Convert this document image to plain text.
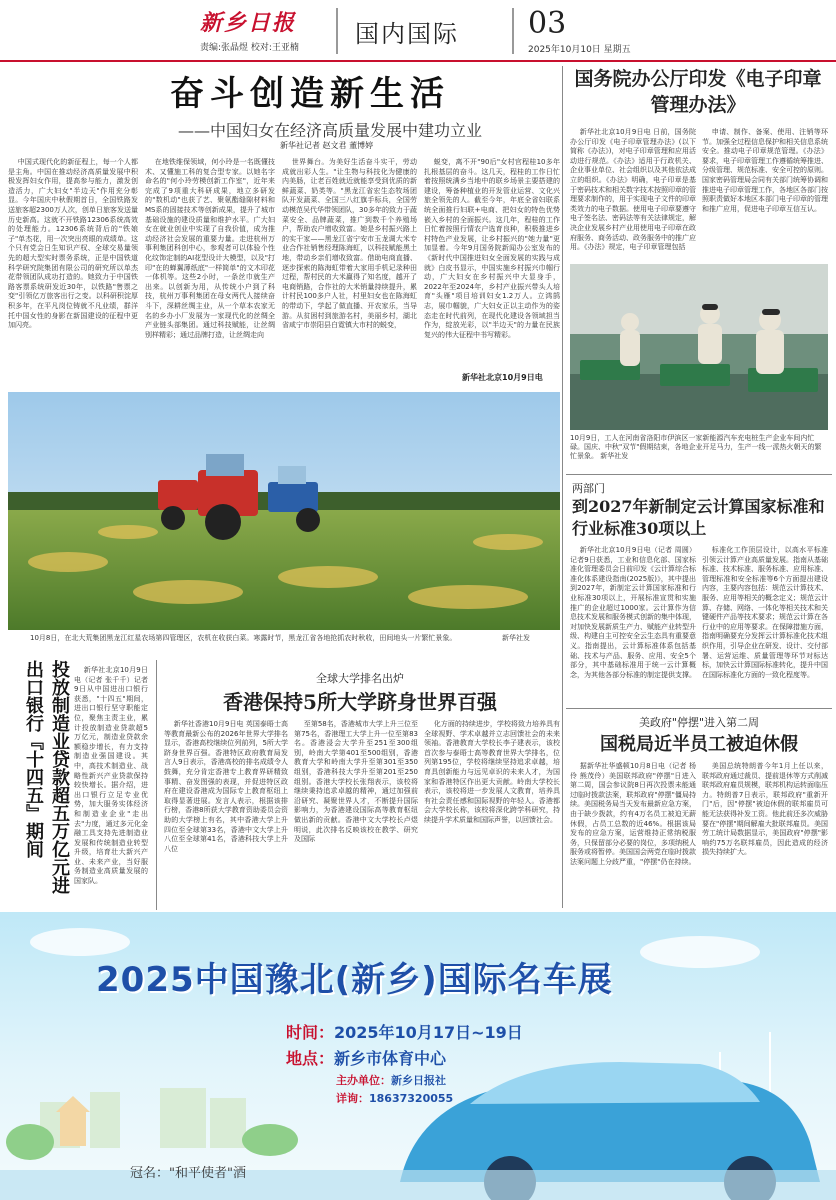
新乡日报
责编:张晶煜 校对:王亚楠 国内国际 03
2025年10月10日 星期五
奋斗创造新生活
——中国妇女在经济高质量发展中建功立业
新华社记者 赵文君 董博婷

中国式现代化的新征程上，每一个人都是主角。中国在推动经济高质量发展中积极发挥妇女作用，提高参与能力，激发创造活力，广大妇女"半边天"作用充分彰显。今年国庆中秋假期首日，全国铁路发送旅客超2300万人次，创单日旅客发送量历史新高。这就不开铁路12306系统高效的处理能力。12306系统背后的"铁娘子"单杰花，用一次突出亮眼的成绩单。这个只有党会日生知识产权、全球交易量领先的超大型实时票务系统，正是中国铁道科学研究院集团有限公司的研究所以单杰花带领团队成功打造的。她致力于中国铁路客票系统研发近30年，以铁路"售票之变"引领亿万旅客出行之变。以科研积淀厚积多年，在平凡岗位铸就不凡业绩，群洋托中国女性的身影在新国建设的征程中更加闪亮。

在地铁维保领域，何小玲是一名既懂技术、又懂施工科的复合型专家。以她名字命名的"何小玲劳模创新工作室"，近年来完成了9项重大科研成果，地立多研发的"数机动"也获了艺、聚氨酯缝隙材料和MS系的固接技术等创新成果，提升了城市基础设施的建设质量和维护水平。广大妇女在就业创业中实现了自我价值，成为推动经济社会发展的重要力量。走进杭州万事利集团科创中心，参观者可以体验个性化纹饰定制的AI花型设计大模型，以及"打印"在的蝉翼薄纸底"一样简单"的文木印花一体机等。这些2小时，一条丝巾就生产出来。以创新为用，从传统小户到了科技，杭州万事利集团在母女两代人接续奋斗下，深耕丝绸主业，从一个草本农家无名的乡办小厂发展为一家现代化的丝绸全产业链头部集团。通过科技赋能，让丝绸别样精彩；通过品牌打造，让丝绸走向

世界舞台。为美好生活奋斗实干，劳动成就出彩人生。"让生物与科技化为健康的内美肠，让老百姓就近就能享受到优质的新鲜蔬菜、奶类等。"黑龙江省宏生态牧场团队开发蔬菜、全国三八红旗手标兵，全国劳动模范吴代华带领团队，30多年的致力于蔬菜安全、品牌蔬菜，推广到数千个养殖场户，帮助农户增收致富。她是乡村振兴路上的实干家——黑龙江省宁安市玉龙调大米专业合作社销售经理陈海虹，以科技赋能黑土地，带动乡亲们增收致富。借助电商直播、逐步探索的陈海虹带着大家用手机记录种田过程，帮村民的大米赢得了知名度，越开了电商销路，合作社的大米销量持续提升，累计村民100多户人社，村里妇女也在陈海虹的带动下，学起了做直播、开农家乐，当导游。从贫困村到旅游名村，美丽乡村，湖北省咸宁市崇阳县白霓镇大市村的蜕变，

蜕变，离不开"90后"女村官程桂10多年扎根基层的奋斗。这几天，程桂的工作日忙着按照统满乡当地中的联乡场景主要搭建的建设，筹备种植业的开发管业运营、文化兴旅全领先的人。截至今年，年底全省妇联系统全面推行妇联+电商、把妇女的特色优势嵌入乡村的全面振兴。这几年，程桂的工作日忙着按照行情农户选育良种，积极推进乡村特色产业发展，让乡村振兴的"她力量"更加显着。今年9月国务院新闻办公室发布的《新时代中国推进妇女全面发展的实践与成就》白皮书显示，中国实施乡村振兴巾帼行动，广大妇女在乡村振兴中大显身手，2022年至2024年，乡村产业振兴带头人培育"头雁"项目培训妇女1.2万人。立鸿鹄志，展巾帼貌，广大妇女正以主动作为的姿态走在时代前列，在现代化建设各领域担当作为，绽放光彩，以"半边天"的力量在民族复兴的伟大征程中书写精彩。

新华社北京10月9日电
10月8日，在北大荒集团黑龙江红星农场第四管理区，农机在收获白菜。寒露时节，黑龙江省各地抢抓农时秋收，田间地头一片繁忙景象。	新华社发
投放制造业贷款超五万亿元进出口银行『十四五』期间	新华社北京10月9日电（记者 张千千）记者9日从中国进出口银行获悉，"十四五"期间，进出口银行坚守职能定位，聚焦主责主业，累计投放制造业贷款超5万亿元，制造业贷款余额稳步增长，有力支持制造业强国建设。其中，高技术制造业、战略性新兴产业贷款保持较快增长。据介绍，进出口银行立足专业优势，加大服务实体经济和制造业企业"走出去"力度，通过多元化金融工具支持先进制造业发展和传统制造业转型升级，培育壮大新兴产业、未来产业，当好服务制造业高质量发展的国家队。

全球大学排名出炉
香港保持5所大学跻身世界百强

新华社香港10月9日电 英国泰晤士高等教育最新公布的2026年世界大学排名显示，香港高校继续位列前列，5所大学跻身世界百强。香港特区政府教育局发言人9日表示，香港高校的排名成绩令人鼓舞，充分肯定香港专上教育界研精致事精、奋发图强的表现，并促进特区政府在建设香港成为国际专上教育枢纽上取得显著进展。发言人表示，根据该排行榜，香港8所获大学教育资助委员会资助的大学榜上有名，其中香港大学上升四位至全球第33名，香港中文大学上升八位至全球第41名，香港科技大学上升八位

至第58名，香港城市大学上升三位至第75名，香港理工大学上升一位至第83名。香港浸会大学升至251至300组别，岭南大学第401至500组别，香港教育大学和岭南大学升至第301至350组别，香港科技大学升至第201至250组别。香港大学校长张翔表示，该校将继续秉持追求卓越的精神，通过加强前沿研究、凝聚世界人才，不断提升国际影响力，为香港建设国际高等教育枢纽做出新的贡献。香港中文大学校长卢煜明说，此次排名反映该校在教学、研究及国际

化方面的持续进步，学校将致力培养具有全球视野、学术卓越并立志回馈社会的未来领袖。香港教育大学校长李子建表示，该校首次参与泰晤士高等教育世界大学排名，位列第195位，学校将继续坚持追求卓越，培育具创新能力与远见卓识的未来人才，为国家和香港特区作出更大贡献。岭南大学校长表示，该校将进一步发展人文教育，培养具有社会责任感和国际视野的年轻人。香港都会大学校长称，该校将深化跨学科研究，持续提升学术质量和国际声誉，以回馈社会。

国务院办公厅印发《电子印章管理办法》

新华社北京10月9日电 日前，国务院办公厅印发《电子印章管理办法》(以下简称《办法》)，对电子印章管理和应用活动进行规范。《办法》适用于行政机关、企业事业单位、社会组织以及其他依法成立的组织。《办法》明确，电子印章是基于密码技术和相关数字技术按照印章的管理要求制作的，用于实现电子文件的印章类效力的电子数据。使用电子印章要遵守电子签名法、密码法等有关法律规定，解决企业发展乡村产业用使用电子印章在政府服务、商务活动、政务服务中的推广应用。《办法》规定，电子印章管理包括

申请、制作、备案、使用、注销等环节。加强全过程信息保护和相关信息系统安全。推动电子印章规范管理。《办法》要求，电子印章管理工作遵循统筹推进、分级管理、规范标准、安全可控的原则。国家密码管理局会同有关部门统筹协调和推进电子印章管理工作，各地区各部门按照职责做好本地区本部门电子印章的管理和推广应用，促进电子印章互信互认。

10月9日，工人在河南省洛阳市伊滨区一家新能源汽车充电桩生产企业车间内忙碌。国庆、中秋"双节"假期结束，各地企业开足马力，生产一线一派热火朝天的繁忙景象。 新华社发
两部门
到2027年新制定云计算国家标准和行业标准30项以上

新华社北京10月9日电（记者 周圆）记者9日获悉，工业和信息化部、国家标准化管理委员会日前印发《云计算综合标准化体系建设指南(2025版)》，其中提出到2027年，新制定云计算国家标准和行业标准30项以上，开展标准宣贯和实施推广的企业超过1000家。云计算作为信息技术发展和服务模式创新的集中体现，对加快发展新质生产力、赋能产业转型升级、构建自主可控安全云生态具有重要意义。指南提出，云计算标准体系包括基础、技术与产品、服务、应用、安全5个部分，其中基础标准用于统一云计算概念，为其他各部分标准的制定提供支撑。

标准化工作顶层设计，以高水平标准引领云计算产业高质量发展。指南从基础标准、技术标准、服务标准、应用标准、管理标准和安全标准等6个方面提出建设内容，主要内容包括：规范云计算技术、服务、应用等相关的概念定义；规范云计算、存储、网络、一体化等相关技术和关键硬件产品等技术要求；规范云计算在各行业中的应用等要求。在保障措施方面，指南明确要充分发挥云计算标准化技术组织作用，引导企业在研发、设计、交付部署、运营运维、质量管理等环节对标达标，加快云计算国际标准转化，提升中国在国际标准化方面的一致化程度等。

美政府"停摆"进入第二周
国税局近半员工被迫休假

据新华社华盛顿10月8日电（记者 杨伶 熊茂伶）美国联邦政府"停摆"日进入第二周，国会参议院8日再次投票未能通过临时拨款法案，联邦政府"停摆"僵局持续。美国税务局当天发布最新应急方案，由于缺少拨款，约有4万名员工被迫无薪休假，占员工总数的近46%。根据该局发布的应急方案，运营维持正常纳税服务，只保留部分必要的岗位，多项纳税人服务或将暂停。美国国会两党在临时拨款法案问题上分歧严重，"停摆"仍在持续。

美国总统特朗普今年1月上任以来，联邦政府通过裁员、提前退休等方式削减联邦政府雇员规模，联邦机构运转面临压力。特朗普7日表示，联邦政府"重新开门"后，因"停摆"被迫休假的联邦雇员可能无法获得补发工资。他此前还多次威胁要在"停摆"期间解雇大批联邦雇员。美国劳工统计局数据显示，美国政府"停摆"影响约75万名联邦雇员，因此造成的经济损失持续扩大。

2025中国豫北(新乡)国际名车展
时间：2025年10月17日~19日
地点：新乡市体育中心
主办单位：新乡日报社
详询：18637320055
冠名："和平使者"酒
